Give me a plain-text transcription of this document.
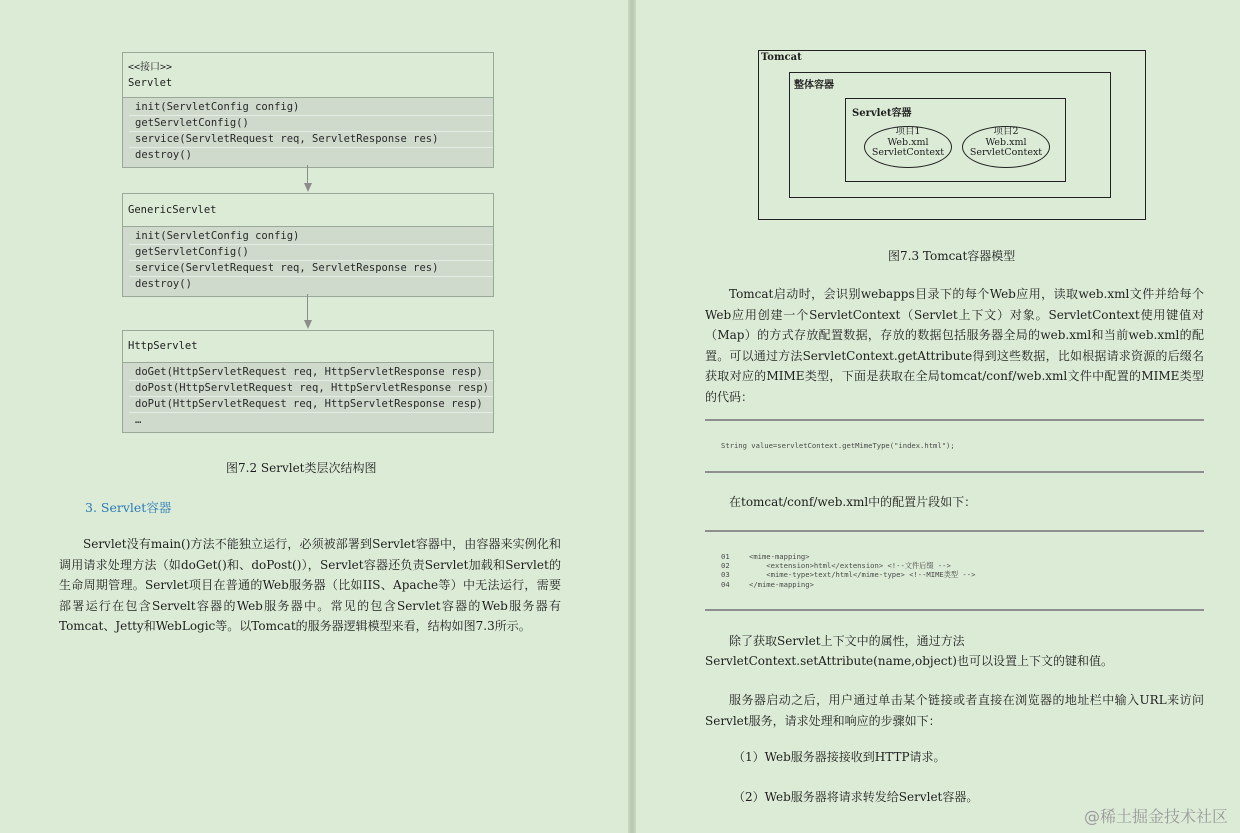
<<接口>>
Servlet
init(ServletConfig config)
getServletConfig()
service(ServletRequest req, ServletResponse res)
destroy()
GenericServlet
init(ServletConfig config)
getServletConfig()
service(ServletRequest req, ServletResponse res)
destroy()
HttpServlet
doGet(HttpServletRequest req, HttpServletResponse resp)
doPost(HttpServletRequest req, HttpServletResponse resp)
doPut(HttpServletRequest req, HttpServletResponse resp)
…
图7.2 Servlet类层次结构图
3. Servlet容器
Servlet没有main()方法不能独立运行，必须被部署到Servlet容器中，由容器来实例化和调用请求处理方法（如doGet()和、doPost()），Servlet容器还负责Servlet加载和Servlet的生命周期管理。Servlet项目在普通的Web服务器（比如IIS、Apache等）中无法运行，需要部署运行在包含Servelt容器的Web服务器中。常见的包含Servlet容器的Web服务器有Tomcat、Jetty和WebLogic等。以Tomcat的服务器逻辑模型来看，结构如图7.3所示。
Tomcat
整体容器
Servlet容器
项目1
Web.xml
ServletContext
项目2
Web.xml
ServletContext
图7.3 Tomcat容器模型
Tomcat启动时，会识别webapps目录下的每个Web应用，读取web.xml文件并给每个Web应用创建一个ServletContext（Servlet上下文）对象。ServletContext使用键值对（Map）的方式存放配置数据，存放的数据包括服务器全局的web.xml和当前web.xml的配置。可以通过方法ServletContext.getAttribute得到这些数据，比如根据请求资源的后缀名获取对应的MIME类型，下面是获取在全局tomcat/conf/web.xml文件中配置的MIME类型的代码：
String value=servletContext.getMimeType("index.html");
在tomcat/conf/web.xml中的配置片段如下：
01	<mime-mapping>
02	<extension>html</extension> <!--文件后缀 -->
03	<mime-type>text/html</mime-type> <!--MIME类型 -->
04	</mime-mapping>
除了获取Servlet上下文中的属性，通过方法
ServletContext.setAttribute(name,object)也可以设置上下文的键和值。
服务器启动之后，用户通过单击某个链接或者直接在浏览器的地址栏中输入URL来访问Servlet服务，请求处理和响应的步骤如下：
（1）Web服务器接接收到HTTP请求。
（2）Web服务器将请求转发给Servlet容器。
@稀土掘金技术社区
